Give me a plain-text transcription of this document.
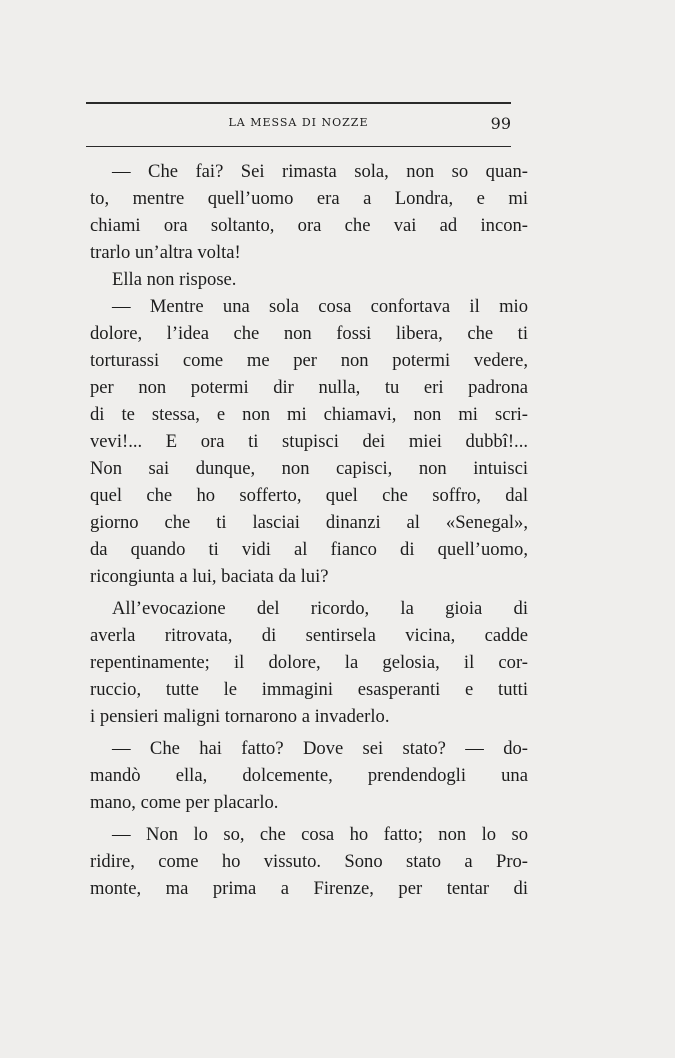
LA MESSA DI NOZZE	99
— Che fai? Sei rimasta sola, non so quan-
to, mentre quell’uomo era a Londra, e mi
chiami ora soltanto, ora che vai ad incon-
trarlo un’altra volta!
Ella non rispose.
— Mentre una sola cosa confortava il mio
dolore, l’idea che non fossi libera, che ti
torturassi come me per non potermi vedere,
per non potermi dir nulla, tu eri padrona
di te stessa, e non mi chiamavi, non mi scri-
vevi!... E ora ti stupisci dei miei dubbî!...
Non sai dunque, non capisci, non intuisci
quel che ho sofferto, quel che soffro, dal
giorno che ti lasciai dinanzi al «Senegal»,
da quando ti vidi al fianco di quell’uomo,
ricongiunta a lui, baciata da lui?
All’evocazione del ricordo, la gioia di
averla ritrovata, di sentirsela vicina, cadde
repentinamente; il dolore, la gelosia, il cor-
ruccio, tutte le immagini esasperanti e tutti
i pensieri maligni tornarono a invaderlo.
— Che hai fatto? Dove sei stato? — do-
mandò ella, dolcemente, prendendogli una
mano, come per placarlo.
— Non lo so, che cosa ho fatto; non lo so
ridire, come ho vissuto. Sono stato a Pro-
monte, ma prima a Firenze, per tentar di
